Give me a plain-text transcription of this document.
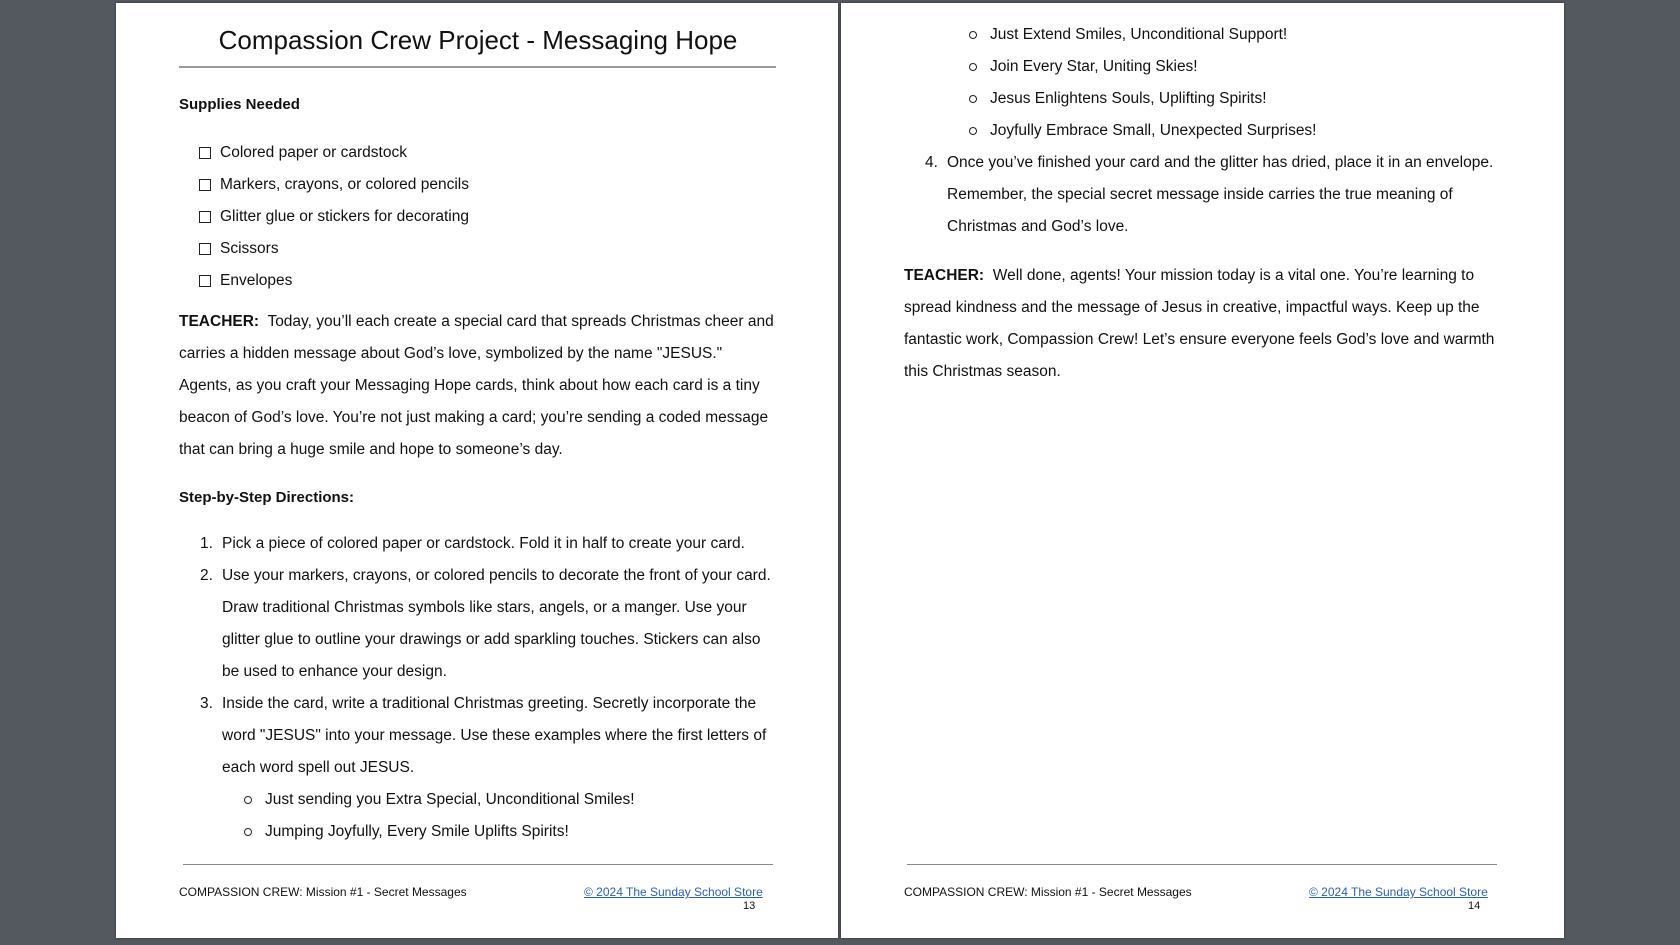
Compassion Crew Project - Messaging Hope
Supplies Needed
Colored paper or cardstock
Markers, crayons, or colored pencils
Glitter glue or stickers for decorating
Scissors
Envelopes

TEACHER: Today, you’ll each create a special card that spreads Christmas cheer and carries a hidden message about God’s love, symbolized by the name "JESUS." Agents, as you craft your Messaging Hope cards, think about how each card is a tiny beacon of God’s love. You’re not just making a card; you’re sending a coded message that can bring a huge smile and hope to someone’s day.

Step-by-Step Directions:
1. Pick a piece of colored paper or cardstock. Fold it in half to create your card.
2. Use your markers, crayons, or colored pencils to decorate the front of your card. Draw traditional Christmas symbols like stars, angels, or a manger. Use your glitter glue to outline your drawings or add sparkling touches. Stickers can also be used to enhance your design.
3. Inside the card, write a traditional Christmas greeting. Secretly incorporate the word "JESUS" into your message. Use these examples where the first letters of each word spell out JESUS.
Just sending you Extra Special, Unconditional Smiles!
Jumping Joyfully, Every Smile Uplifts Spirits!
COMPASSION CREW: Mission #1 - Secret Messages	© 2024 The Sunday School Store
13
Just Extend Smiles, Unconditional Support!
Join Every Star, Uniting Skies!
Jesus Enlightens Souls, Uplifting Spirits!
Joyfully Embrace Small, Unexpected Surprises!
4. Once you’ve finished your card and the glitter has dried, place it in an envelope. Remember, the special secret message inside carries the true meaning of Christmas and God’s love.

TEACHER: Well done, agents! Your mission today is a vital one. You’re learning to spread kindness and the message of Jesus in creative, impactful ways. Keep up the fantastic work, Compassion Crew! Let’s ensure everyone feels God’s love and warmth this Christmas season.

COMPASSION CREW: Mission #1 - Secret Messages	© 2024 The Sunday School Store
14
